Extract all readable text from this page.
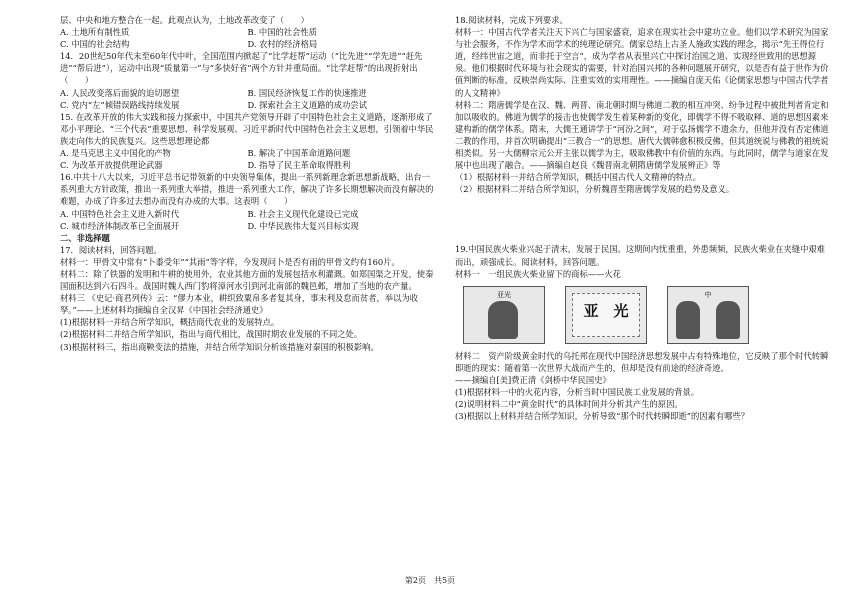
层、中央和地方整合在一起。此观点认为，土地改革改变了（　　）

A. 土地所有制性质	B. 中国的社会性质
C. 中国的社会结构	D. 农村的经济格局

14．20世纪50年代末至60年代中叶，全国范围内掀起了“比学赶帮”运动（“比先进”“学先进”“赶先进”“帮后进”），运动中出现“质量第一”与“多快好省”两个方针并重局面。“比学赶帮”的出现折射出（　　）

A. 人民改变落后面貌的迫切愿望	B. 国民经济恢复工作的快速推进
C. 党内“左”倾错误路线持续发展	D. 探索社会主义道路的成功尝试

15. 在改革开放的伟大实践和接力探索中，中国共产党领导开辟了中国特色社会主义道路，逐渐形成了邓小平理论、“三个代表”重要思想、科学发展观、习近平新时代中国特色社会主义思想，引领着中华民族走向伟大的民族复兴。这些思想理论都

A. 是马克思主义中国化的产物	B. 解决了中国革命道路问题
C. 为改革开放提供理论武器	D. 指导了民主革命取得胜利

16.中共十八大以来，习近平总书记带领新的中央领导集体，提出一系列新理念新思想新战略，出台一系列重大方针政策，推出一系列重大举措，推进一系列重大工作，解决了许多长期想解决而没有解决的难题，办成了许多过去想办而没有办成的大事。这表明（　　）

A. 中国特色社会主义进入新时代	B. 社会主义现代化建设已完成
C. 城市经济体制改革已全面展开	D. 中华民族伟大复兴目标实现

二、非选择题

17．阅读材料，回答问题。

材料一：甲骨文中常有“卜黍受年”“其雨”等字样，今发现问卜是否有雨的甲骨文约有160片。

材料二：除了铁器的发明和牛耕的使用外，农业其他方面的发展包括水利灌溉。如郑国渠之开发，使秦国面积达到六石四斗。战国时魏人西门豹将漳河水引到河北南部的魏邑邺，增加了当地的农产量。

材料三 《史记·商君列传》云：“僇力本业，耕织致粟帛多者复其身，事末利及怠而贫者，举以为收孥。”——上述材料均摘编自全汉昇《中国社会经济通史》

(1)根据材料一并结合所学知识，概括商代农业的发展特点。

(2)根据材料二并结合所学知识，指出与商代相比，战国时期农业发展的不同之处。

(3)根据材料三，指出商鞅变法的措施，并结合所学知识分析该措施对秦国的积极影响。

18.阅读材料，完成下列要求。

材料一：中国古代学者关注天下兴亡与国家盛衰，追求在现实社会中建功立业。他们以学术研究为国家与社会服务，不作为学术而学术的纯理论研究。儒家总结上古圣人施政实践的理念，揭示“先王得位行道，经纬世宙之道，而非托于空言”，成为学者从表里兴亡中探讨治国之道、实现经世致用的思想源泉。他们根据时代环境与社会现实的需要，针对治国兴邦的各种问题展开研究，以是否有益于世作为价值判断的标准，反映崇尚实际、注重实效的实用理性。——摘编自庞天佑《论儒家思想与中国古代学者的人文精神》

材料二：隋唐儒学是在汉、魏、两晋、南北朝时期与佛道二教的相互冲突、纷争过程中被批判者肯定和加以吸收的。佛道为儒学的接击也使儒学发生着某种新的变化，即儒学不得不吸取释、道的思想因素来建构新的儒学体系。隋末，大儒王通讲学于“河汾之间”，对于弘扬儒学不遗余力，但他并没有否定佛道二教的作用，并首次明确提出“三教合一”的思想。唐代大儒韩愈积极反佛，但其道统说与佛教的祖统说相类似。另一大儒柳宗元公开主张以儒学为主，吸取佛教中有价值的东西。与此同时，儒学与道家在发展中也出现了融合。——摘编自赵良《魏晋南北朝隋唐儒学发展辨正》等

（1）根据材料一并结合所学知识，概括中国古代人文精神的特点。

（2）根据材料二并结合所学知识，分析魏晋至隋唐儒学发展的趋势及意义。

19.中国民族火柴业兴起于清末，发展于民国。这期间内忧重重，外患频频，民族火柴业在夹缝中艰难而出，顽强成长。阅读材料，回答问题。

材料一　一组民族火柴业留下的商标——火花

亚光
亚　光
中

材料二　资产阶级黄金时代的乌托邦在现代中国经济思想发展中占有特殊地位，它反映了那个时代转瞬即逝的现实：随着第一次世界大战而产生的，但却是没有前途的经济奇迹。

——摘编自[美]费正清《剑桥中华民国史》

(1)根据材料一中的火花内容，分析当时中国民族工业发展的背景。

(2)说明材料二中“黄金时代”的具体时间并分析其产生的原因。

(3)根据以上材料并结合所学知识，分析导致“那个时代转瞬即逝”的因素有哪些？

第2页　共5页
